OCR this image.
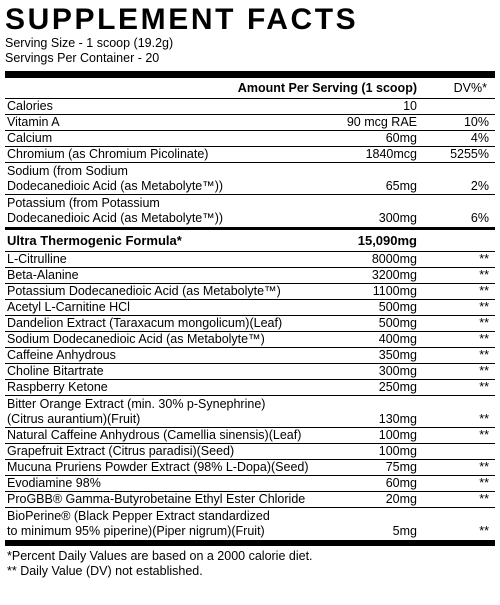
SUPPLEMENT FACTS
Serving Size - 1 scoop (19.2g)
Servings Per Container - 20
Amount Per Serving (1 scoop)	DV%*
Calories	10
Vitamin A	90 mcg RAE	10%
Calcium	60mg	4%
Chromium (as Chromium Picolinate)	1840mcg	5255%
Sodium (from Sodium
Dodecanedioic Acid (as Metabolyte™))	65mg	2%
Potassium (from Potassium
Dodecanedioic Acid (as Metabolyte™))	300mg	6%
Ultra Thermogenic Formula*	15,090mg
L-Citrulline	8000mg	**
Beta-Alanine	3200mg	**
Potassium Dodecanedioic Acid (as Metabolyte™)	1100mg	**
Acetyl L-Carnitine HCl	500mg	**
Dandelion Extract (Taraxacum mongolicum)(Leaf)	500mg	**
Sodium Dodecanedioic Acid (as Metabolyte™)	400mg	**
Caffeine Anhydrous	350mg	**
Choline Bitartrate	300mg	**
Raspberry Ketone	250mg	**
Bitter Orange Extract (min. 30% p-Synephrine)
(Citrus aurantium)(Fruit)	130mg	**
Natural Caffeine Anhydrous (Camellia sinensis)(Leaf)	100mg	**
Grapefruit Extract (Citrus paradisi)(Seed)	100mg
Mucuna Pruriens Powder Extract (98% L-Dopa)(Seed)	75mg	**
Evodiamine 98%	60mg	**
ProGBB® Gamma-Butyrobetaine Ethyl Ester Chloride	20mg	**
BioPerine® (Black Pepper Extract standardized
to minimum 95% piperine)(Piper nigrum)(Fruit)	5mg	**
*Percent Daily Values are based on a 2000 calorie diet.
** Daily Value (DV) not established.
